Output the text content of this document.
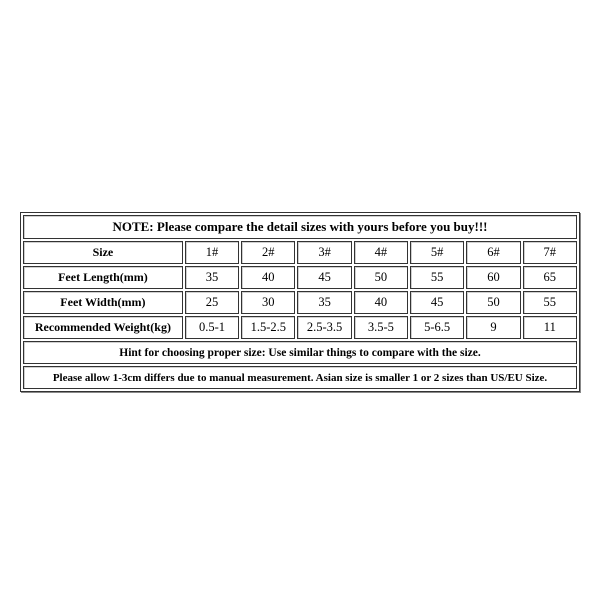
NOTE: Please compare the detail sizes with yours before you buy!!!							
Size	1#	2#	3#	4#	5#	6#	7#
Feet Length(mm)	35	40	45	50	55	60	65
Feet Width(mm)	25	30	35	40	45	50	55
Recommended Weight(kg)	0.5-1	1.5-2.5	2.5-3.5	3.5-5	5-6.5	9	11
Hint for choosing proper size: Use similar things to compare with the size.							
Please allow 1-3cm differs due to manual measurement. Asian size is smaller 1 or 2 sizes than US/EU Size.							
